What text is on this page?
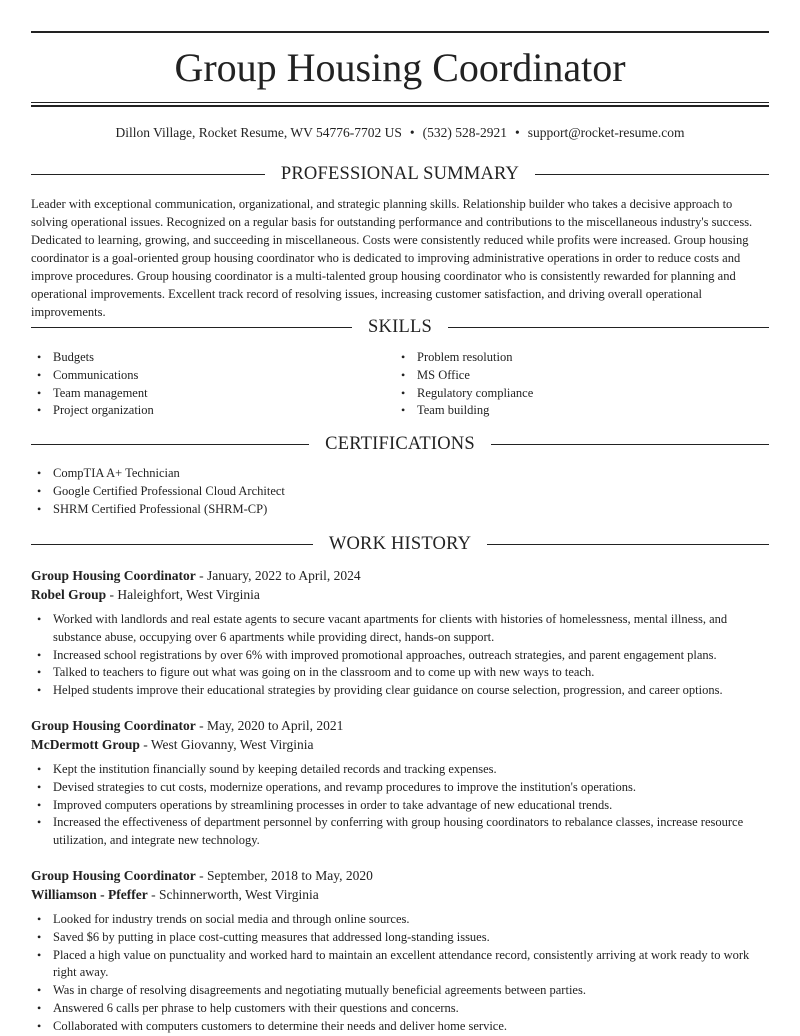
Group Housing Coordinator
Dillon Village, Rocket Resume, WV 54776-7702 US • (532) 528-2921 • support@rocket-resume.com
PROFESSIONAL SUMMARY

Leader with exceptional communication, organizational, and strategic planning skills. Relationship builder who takes a decisive approach to solving operational issues. Recognized on a regular basis for outstanding performance and contributions to the miscellaneous industry's success. Dedicated to learning, growing, and succeeding in miscellaneous. Costs were consistently reduced while profits were increased. Group housing coordinator is a goal-oriented group housing coordinator who is dedicated to improving administrative operations in order to reduce costs and improve procedures. Group housing coordinator is a multi-talented group housing coordinator who is consistently rewarded for planning and operational improvements. Excellent track record of resolving issues, increasing customer satisfaction, and driving overall operational improvements.

SKILLS
• Budgets
• Communications
• Team management
• Project organization
• Problem resolution
• MS Office
• Regulatory compliance
• Team building
CERTIFICATIONS
• CompTIA A+ Technician
• Google Certified Professional Cloud Architect
• SHRM Certified Professional (SHRM-CP)
WORK HISTORY
Group Housing Coordinator - January, 2022 to April, 2024
Robel Group - Haleighfort, West Virginia
• Worked with landlords and real estate agents to secure vacant apartments for clients with histories of homelessness, mental illness, and substance abuse, occupying over 6 apartments while providing direct, hands-on support.
• Increased school registrations by over 6% with improved promotional approaches, outreach strategies, and parent engagement plans.
• Talked to teachers to figure out what was going on in the classroom and to come up with new ways to teach.
• Helped students improve their educational strategies by providing clear guidance on course selection, progression, and career options.
Group Housing Coordinator - May, 2020 to April, 2021
McDermott Group - West Giovanny, West Virginia
• Kept the institution financially sound by keeping detailed records and tracking expenses.
• Devised strategies to cut costs, modernize operations, and revamp procedures to improve the institution's operations.
• Improved computers operations by streamlining processes in order to take advantage of new educational trends.
• Increased the effectiveness of department personnel by conferring with group housing coordinators to rebalance classes, increase resource utilization, and integrate new technology.
Group Housing Coordinator - September, 2018 to May, 2020
Williamson - Pfeffer - Schinnerworth, West Virginia
• Looked for industry trends on social media and through online sources.
• Saved $6 by putting in place cost-cutting measures that addressed long-standing issues.
• Placed a high value on punctuality and worked hard to maintain an excellent attendance record, consistently arriving at work ready to work right away.
• Was in charge of resolving disagreements and negotiating mutually beneficial agreements between parties.
• Answered 6 calls per phrase to help customers with their questions and concerns.
• Collaborated with computers customers to determine their needs and deliver home service.
